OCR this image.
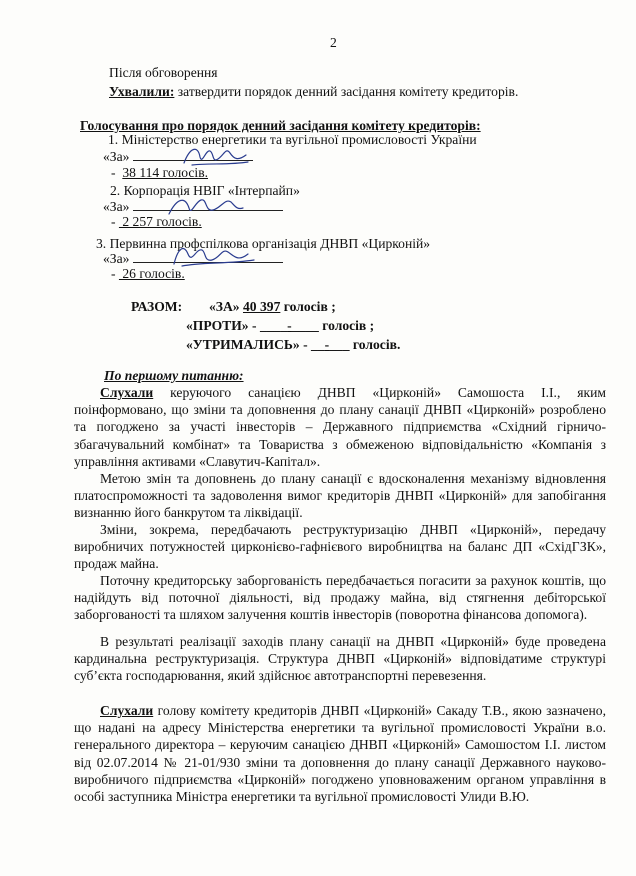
2
Після обговорення
Ухвалили: затвердити порядок денний засідання комітету кредиторів.
Голосування про порядок денний засідання комітету кредиторів:
1. Міністерство енергетики та вугільної промисловості України
«За»
- 38 114 голосів.
2. Корпорація НВІГ «Інтерпайп»
«За»
-  2 257 голосів.
3. Первинна профспілкова організація ДНВП «Цирконій»
«За»
-  26 голосів.
РАЗОМ: «ЗА» 40 397 голосів ;
«ПРОТИ» - ____-____ голосів ;
«УТРИМАЛИСЬ» - __-___ голосів.
По першому питанню:
Слухали керуючого санацією ДНВП «Цирконій» Самошоста І.І., яким поінформовано, що зміни та доповнення до плану санації ДНВП «Цирконій» розроблено та погоджено за участі інвесторів – Державного підприємства «Східний гірничо-збагачувальний комбінат» та Товариства з обмеженою відповідальністю «Компанія з управління активами «Славутич-Капітал».
Метою змін та доповнень до плану санації є вдосконалення механізму відновлення платоспроможності та задоволення вимог кредиторів ДНВП «Цирконій» для запобігання визнанню його банкрутом та ліквідації.
Зміни, зокрема, передбачають реструктуризацію ДНВП «Цирконій», передачу виробничих потужностей цирконієво-гафнієвого виробництва на баланс ДП «СхідГЗК», продаж майна.
Поточну кредиторську заборгованість передбачається погасити за рахунок коштів, що надійдуть від поточної діяльності, від продажу майна, від стягнення дебіторської заборгованості та шляхом залучення коштів інвесторів (поворотна фінансова допомога).
В результаті реалізації заходів плану санації на ДНВП «Цирконій» буде проведена кардинальна реструктуризація. Структура ДНВП «Цирконій» відповідатиме структурі суб’єкта господарювання, який здійснює автотранспортні перевезення.
Слухали голову комітету кредиторів ДНВП «Цирконій» Сакаду Т.В., якою зазначено, що надані на адресу Міністерства енергетики та вугільної промисловості України в.о. генерального директора – керуючим санацією ДНВП «Цирконій» Самошостом І.І. листом від 02.07.2014 № 21-01/930 зміни та доповнення до плану санації Державного науково-виробничого підприємства «Цирконій» погоджено уповноваженим органом управління в особі заступника Міністра енергетики та вугільної промисловості Улиди В.Ю.
